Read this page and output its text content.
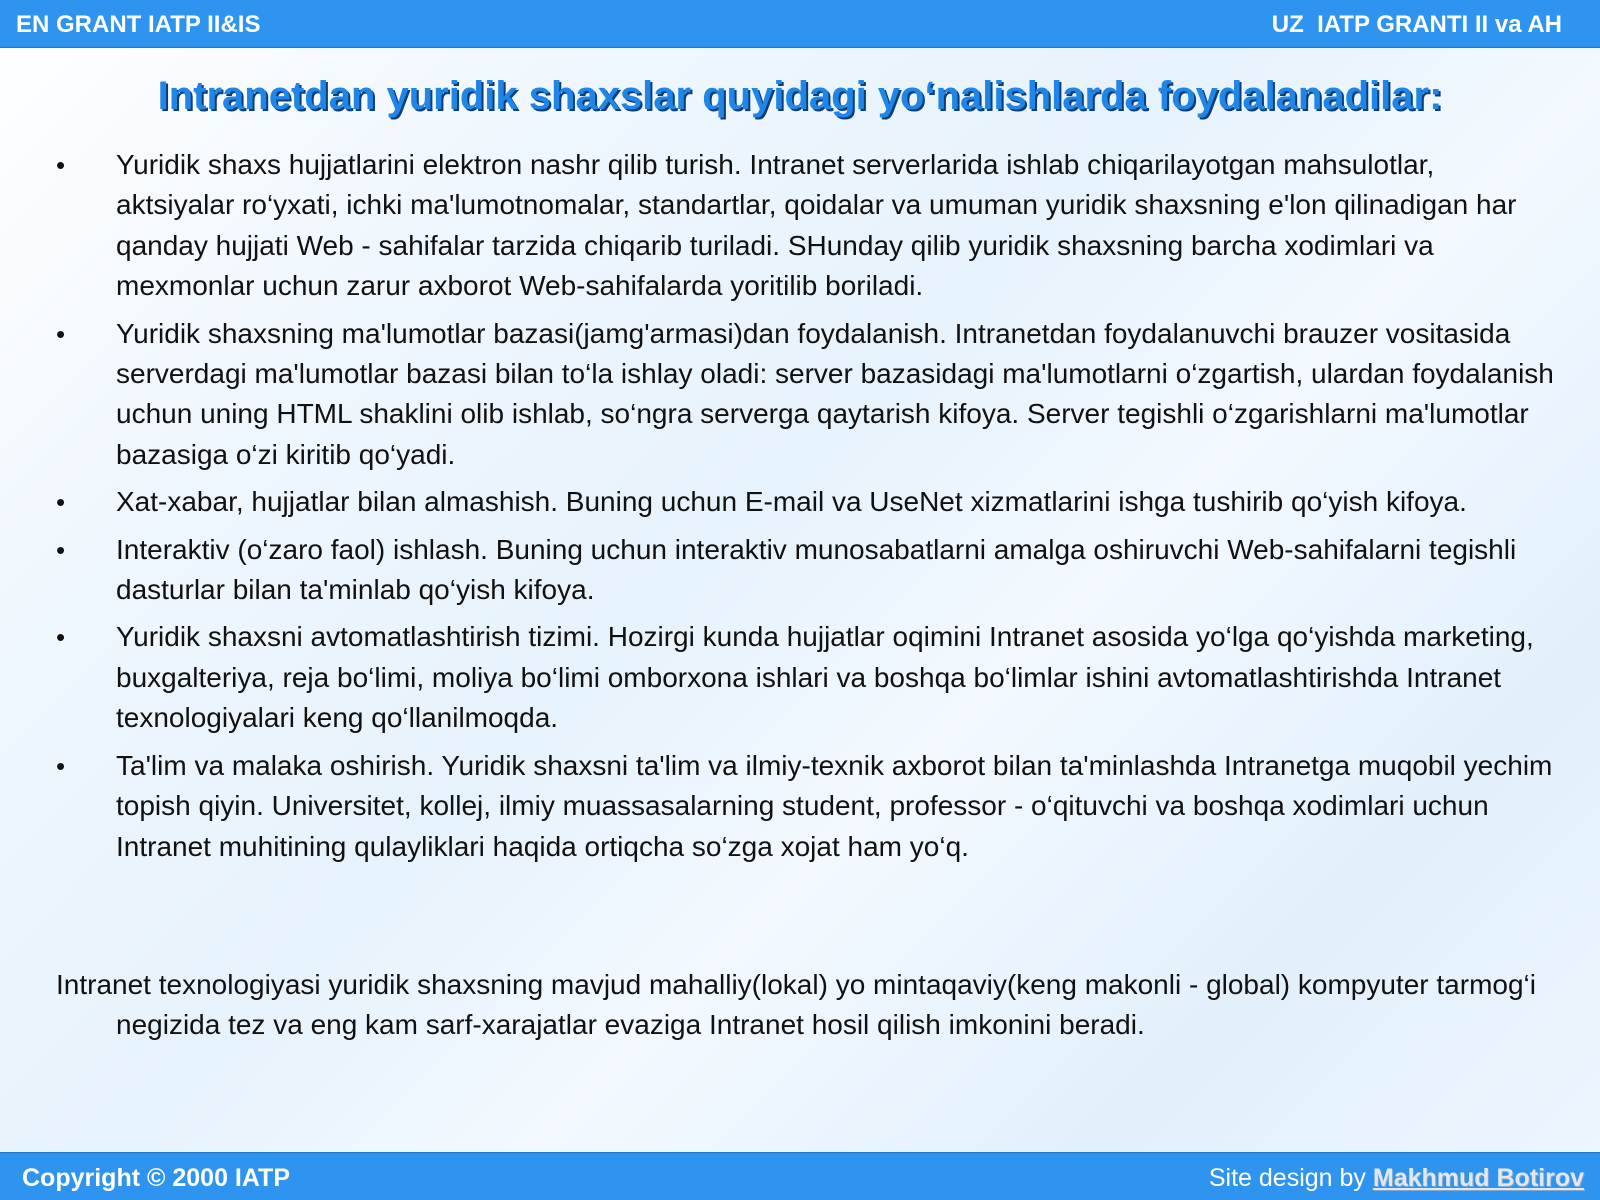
EN GRANT IATP II&IS	UZ  IATP GRANTI II va AH
Intranetdan yuridik shaxslar quyidagi yo‘nalishlarda foydalanadilar:
•	Yuridik shaxs hujjatlarini elektron nashr qilib turish. Intranet serverlarida ishlab chiqarilayotgan mahsulotlar, aktsiyalar ro‘yxati, ichki ma'lumotnomalar, standartlar, qoidalar va umuman yuridik shaxsning e'lon qilinadigan har qanday hujjati Web - sahifalar tarzida chiqarib turiladi. SHunday qilib yuridik shaxsning barcha xodimlari va mexmonlar uchun zarur axborot Web-sahifalarda yoritilib boriladi.
•	Yuridik shaxsning ma'lumotlar bazasi(jamg'armasi)dan foydalanish. Intranetdan foydalanuvchi brauzer vositasida serverdagi ma'lumotlar bazasi bilan to‘la ishlay oladi: server bazasidagi ma'lumotlarni o‘zgartish, ulardan foydalanish uchun uning HTML shaklini olib ishlab, so‘ngra serverga qaytarish kifoya. Server tegishli o‘zgarishlarni ma'lumotlar bazasiga o‘zi kiritib qo‘yadi.
•	Xat-xabar, hujjatlar bilan almashish. Buning uchun E-mail va UseNet xizmatlarini ishga tushirib qo‘yish kifoya.
•	Interaktiv (o‘zaro faol) ishlash. Buning uchun interaktiv munosabatlarni amalga oshiruvchi Web-sahifalarni tegishli dasturlar bilan ta'minlab qo‘yish kifoya.
•	Yuridik shaxsni avtomatlashtirish tizimi. Hozirgi kunda hujjatlar oqimini Intranet asosida yo‘lga qo‘yishda marketing, buxgalteriya, reja bo‘limi, moliya bo‘limi omborxona ishlari va boshqa bo‘limlar ishini avtomatlashtirishda Intranet texnologiyalari keng qo‘llanilmoqda.
•	Ta'lim va malaka oshirish. Yuridik shaxsni ta'lim va ilmiy-texnik axborot bilan ta'minlashda Intranetga muqobil yechim topish qiyin. Universitet, kollej, ilmiy muassasalarning student, professor - o‘qituvchi va boshqa xodimlari uchun Intranet muhitining qulayliklari haqida ortiqcha so‘zga xojat ham yo‘q.

Intranet texnologiyasi yuridik shaxsning mavjud mahalliy(lokal) yo mintaqaviy(keng makonli - global) kompyuter tarmog‘i negizida tez va eng kam sarf-xarajatlar evaziga Intranet hosil qilish imkonini beradi.

Copyright © 2000 IATP	Site design by Makhmud Botirov
